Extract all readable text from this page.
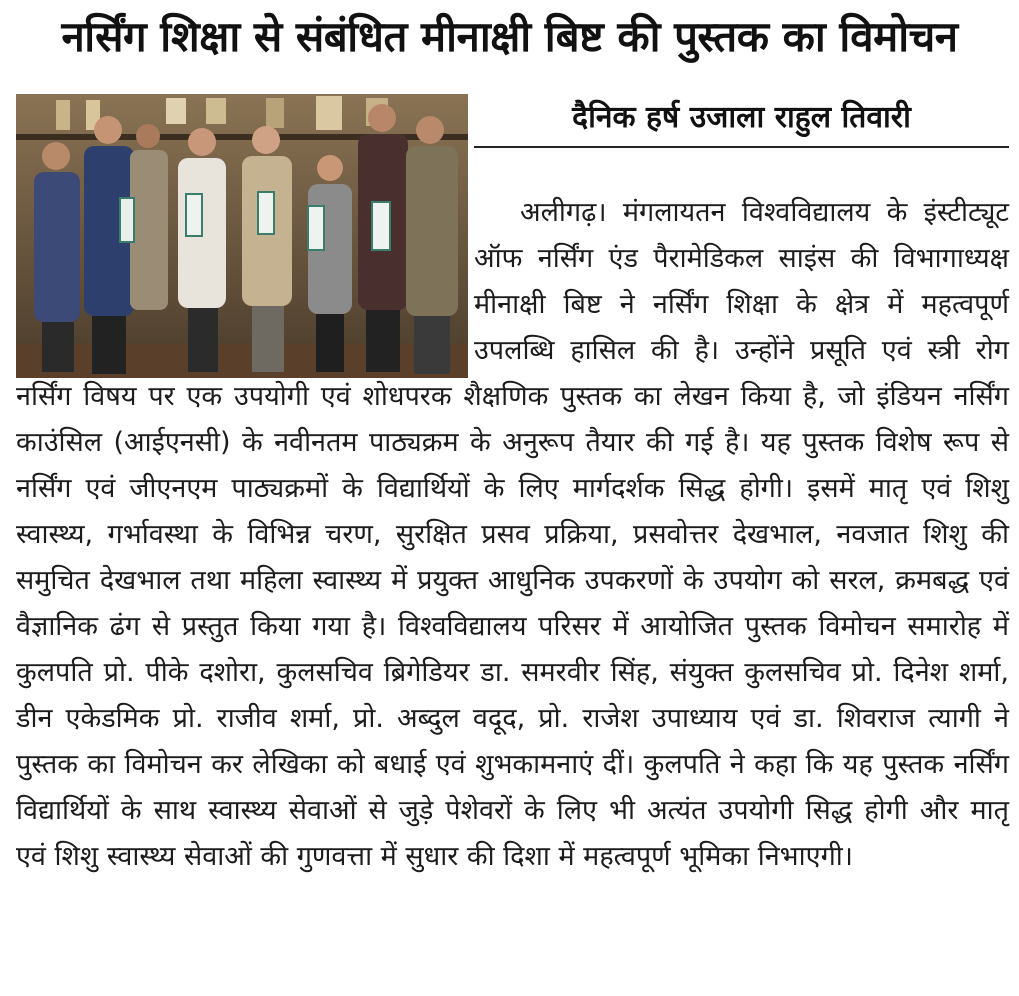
नर्सिंग शिक्षा से संबंधित मीनाक्षी बिष्ट की पुस्तक का विमोचन
दैनिक हर्ष उजाला राहुल तिवारी
अलीगढ़। मंगलायतन विश्वविद्यालय के इंस्टीट्यूट
ऑफ नर्सिंग एंड पैरामेडिकल साइंस की विभागाध्यक्ष
मीनाक्षी बिष्ट ने नर्सिंग शिक्षा के क्षेत्र में महत्वपूर्ण
उपलब्धि हासिल की है। उन्होंने प्रसूति एवं स्त्री रोग
नर्सिंग विषय पर एक उपयोगी एवं शोधपरक शैक्षणिक पुस्तक का लेखन किया है, जो इंडियन नर्सिंग
काउंसिल (आईएनसी) के नवीनतम पाठ्यक्रम के अनुरूप तैयार की गई है। यह पुस्तक विशेष रूप से
नर्सिंग एवं जीएनएम पाठ्यक्रमों के विद्यार्थियों के लिए मार्गदर्शक सिद्ध होगी। इसमें मातृ एवं शिशु
स्वास्थ्य, गर्भावस्था के विभिन्न चरण, सुरक्षित प्रसव प्रक्रिया, प्रसवोत्तर देखभाल, नवजात शिशु की
समुचित देखभाल तथा महिला स्वास्थ्य में प्रयुक्त आधुनिक उपकरणों के उपयोग को सरल, क्रमबद्ध एवं
वैज्ञानिक ढंग से प्रस्तुत किया गया है। विश्वविद्यालय परिसर में आयोजित पुस्तक विमोचन समारोह में
कुलपति प्रो. पीके दशोरा, कुलसचिव ब्रिगेडियर डा. समरवीर सिंह, संयुक्त कुलसचिव प्रो. दिनेश शर्मा,
डीन एकेडमिक प्रो. राजीव शर्मा, प्रो. अब्दुल वदूद, प्रो. राजेश उपाध्याय एवं डा. शिवराज त्यागी ने
पुस्तक का विमोचन कर लेखिका को बधाई एवं शुभकामनाएं दीं। कुलपति ने कहा कि यह पुस्तक नर्सिंग
विद्यार्थियों के साथ स्वास्थ्य सेवाओं से जुड़े पेशेवरों के लिए भी अत्यंत उपयोगी सिद्ध होगी और मातृ
एवं शिशु स्वास्थ्य सेवाओं की गुणवत्ता में सुधार की दिशा में महत्वपूर्ण भूमिका निभाएगी।
